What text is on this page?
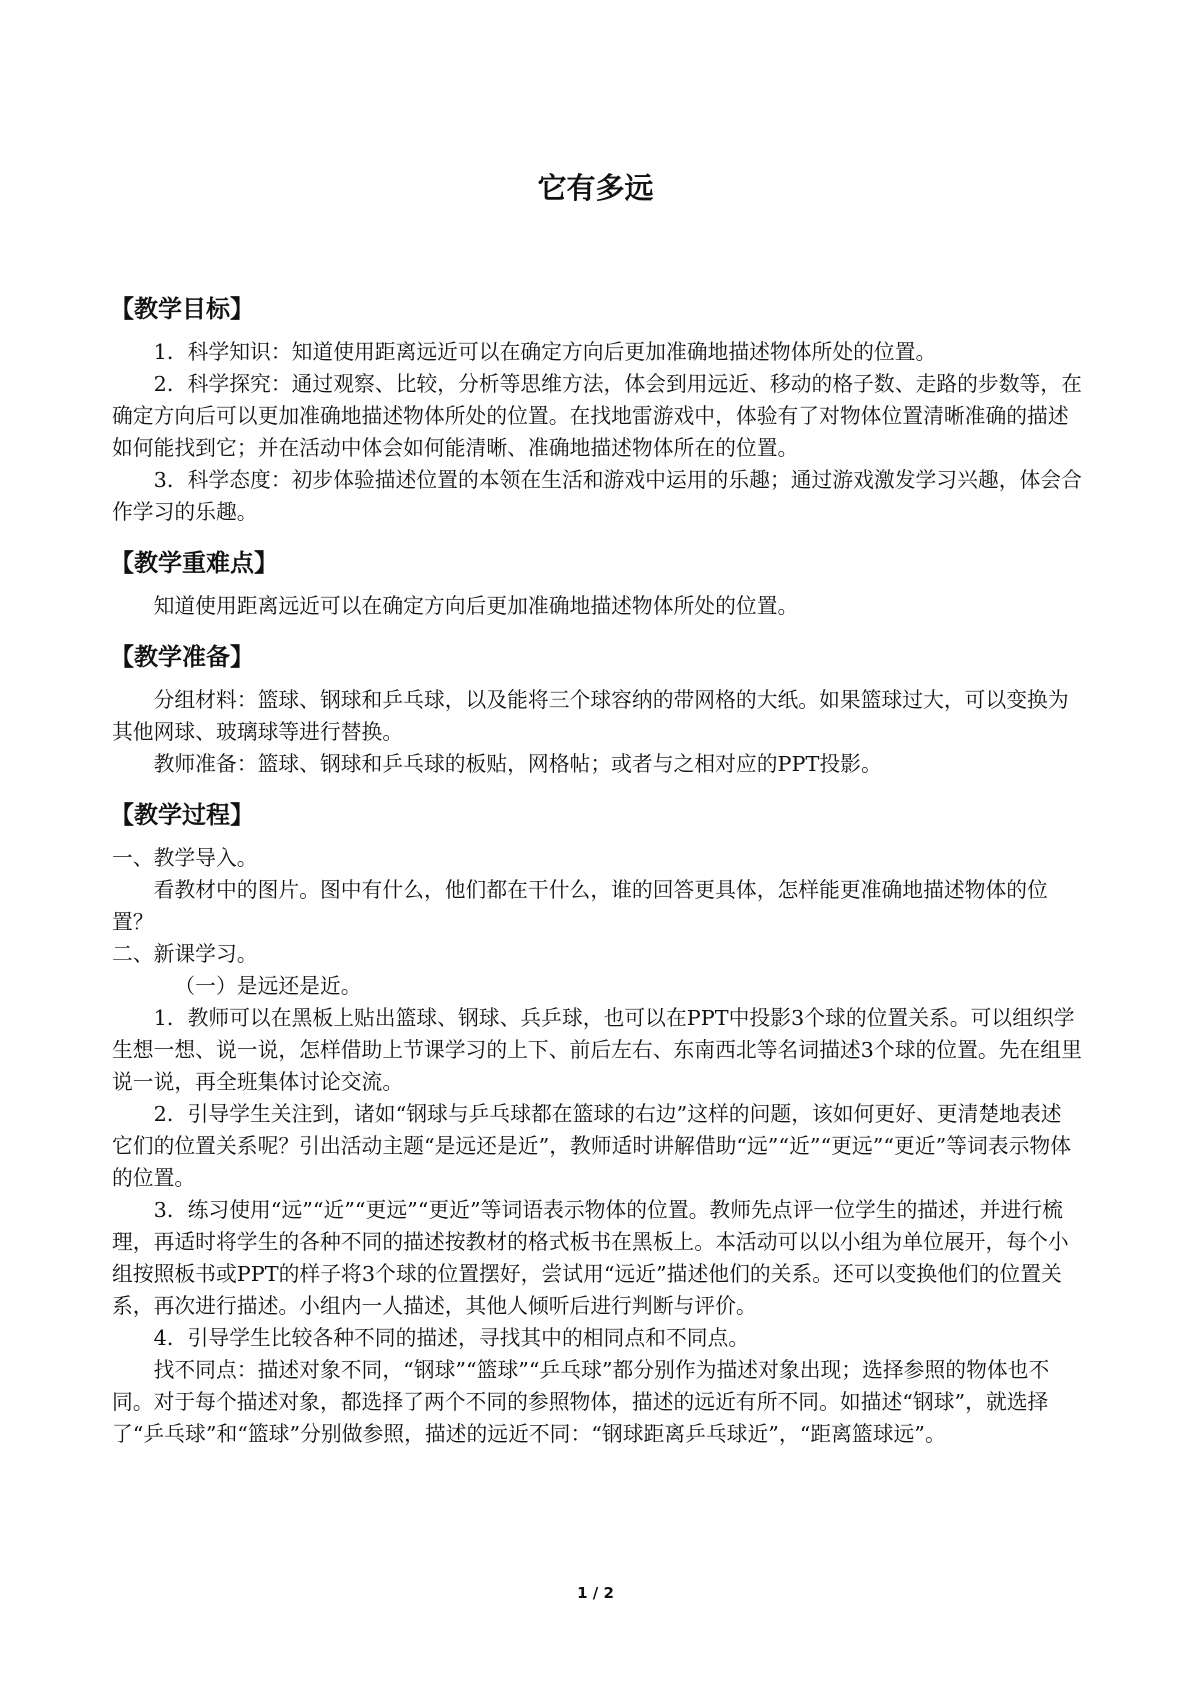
它有多远

【教学目标】

1．科学知识：知道使用距离远近可以在确定方向后更加准确地描述物体所处的位置。

2．科学探究：通过观察、比较，分析等思维方法，体会到用远近、移动的格子数、走路的步数等，在确定方向后可以更加准确地描述物体所处的位置。在找地雷游戏中，体验有了对物体位置清晰准确的描述如何能找到它；并在活动中体会如何能清晰、准确地描述物体所在的位置。

3．科学态度：初步体验描述位置的本领在生活和游戏中运用的乐趣；通过游戏激发学习兴趣，体会合作学习的乐趣。

【教学重难点】

知道使用距离远近可以在确定方向后更加准确地描述物体所处的位置。

【教学准备】

分组材料：篮球、钢球和乒乓球，以及能将三个球容纳的带网格的大纸。如果篮球过大，可以变换为其他网球、玻璃球等进行替换。

教师准备：篮球、钢球和乒乓球的板贴，网格帖；或者与之相对应的PPT投影。

【教学过程】

一、教学导入。

看教材中的图片。图中有什么，他们都在干什么，谁的回答更具体，怎样能更准确地描述物体的位置？

二、新课学习。

（一）是远还是近。

1．教师可以在黑板上贴出篮球、钢球、兵乒球，也可以在PPT中投影3个球的位置关系。可以组织学生想一想、说一说，怎样借助上节课学习的上下、前后左右、东南西北等名词描述3个球的位置。先在组里说一说，再全班集体讨论交流。

2．引导学生关注到，诸如“钢球与乒乓球都在篮球的右边”这样的问题，该如何更好、更清楚地表述它们的位置关系呢？引出活动主题“是远还是近”，教师适时讲解借助“远”“近”“更远”“更近”等词表示物体的位置。

3．练习使用“远”“近”“更远”“更近”等词语表示物体的位置。教师先点评一位学生的描述，并进行梳理，再适时将学生的各种不同的描述按教材的格式板书在黑板上。本活动可以以小组为单位展开，每个小组按照板书或PPT的样子将3个球的位置摆好，尝试用“远近”描述他们的关系。还可以变换他们的位置关系，再次进行描述。小组内一人描述，其他人倾听后进行判断与评价。

4．引导学生比较各种不同的描述，寻找其中的相同点和不同点。

找不同点：描述对象不同，“钢球”“篮球”“乒乓球”都分别作为描述对象出现；选择参照的物体也不同。对于每个描述对象，都选择了两个不同的参照物体，描述的远近有所不同。如描述“钢球”，就选择了“乒乓球”和“篮球”分别做参照，描述的远近不同：“钢球距离乒乓球近”，“距离篮球远”。

1 / 2
